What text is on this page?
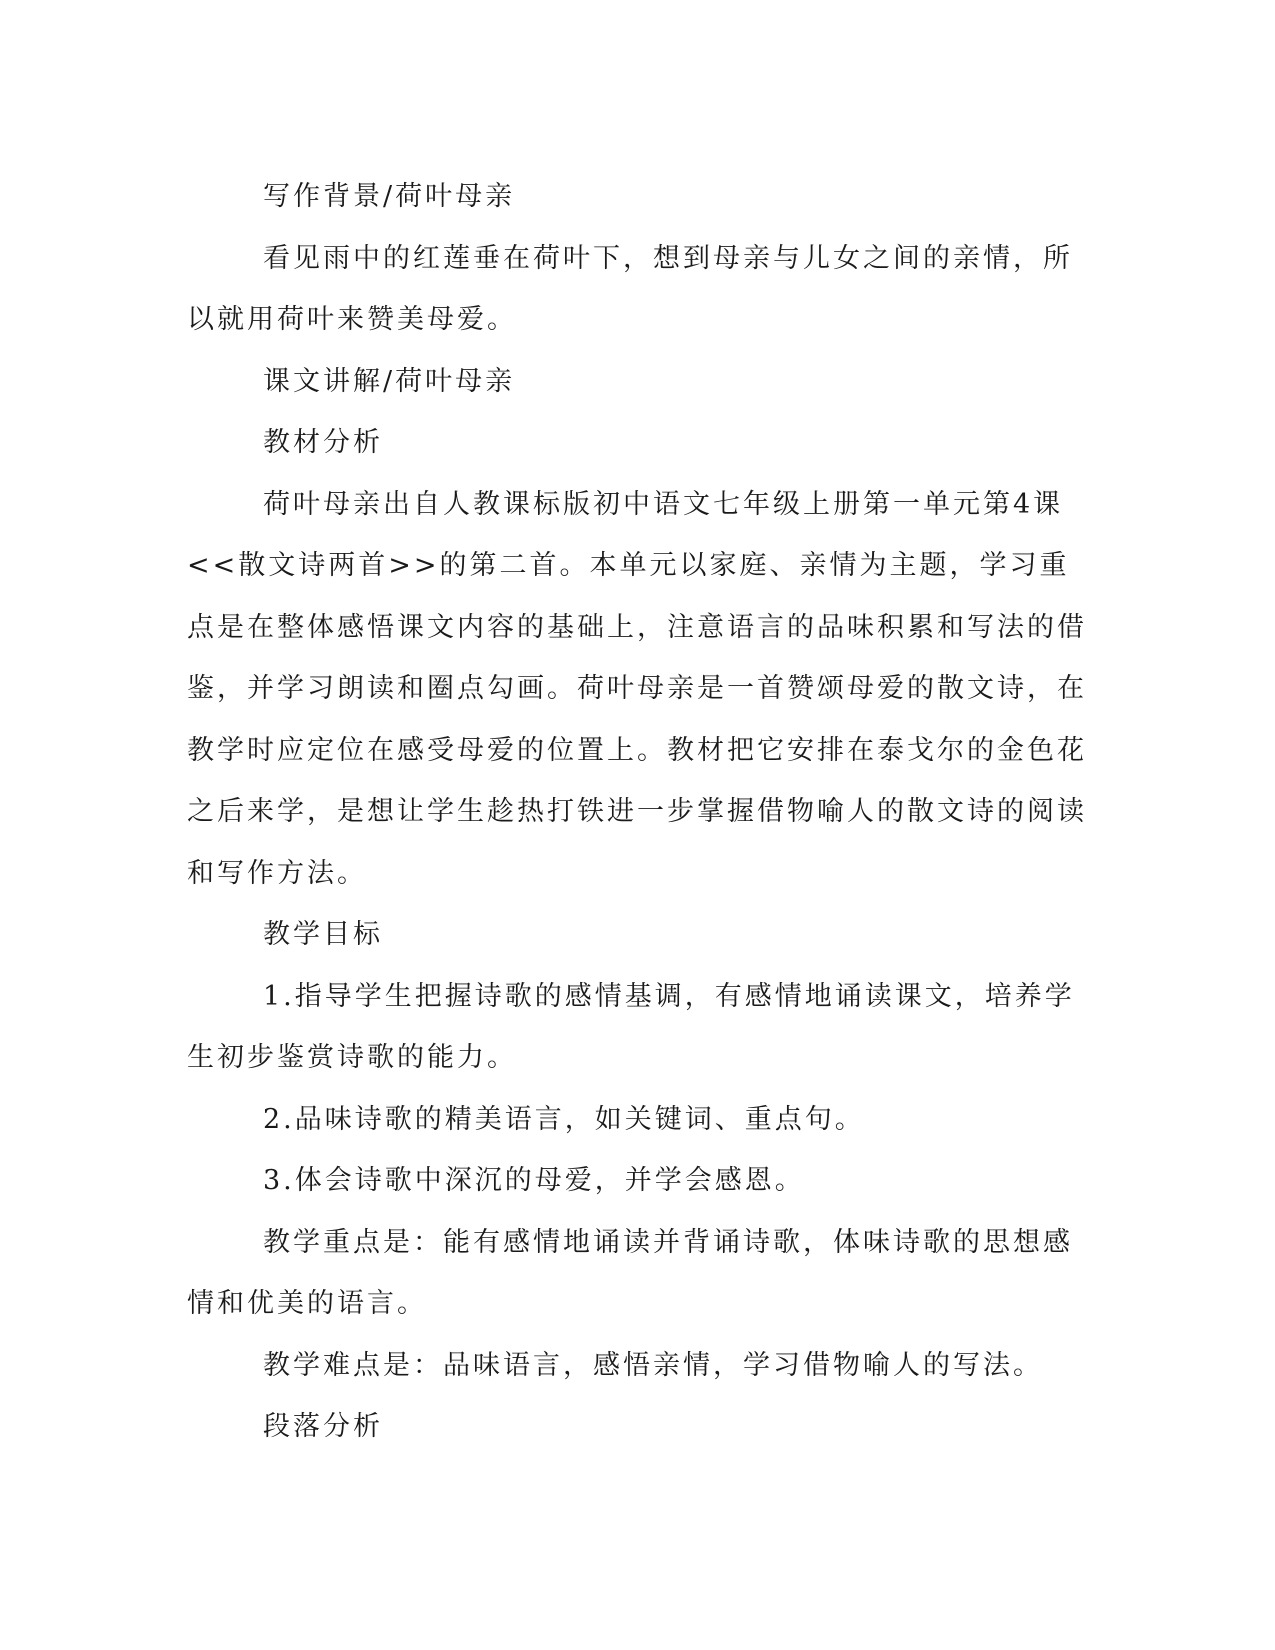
写作背景/荷叶母亲

看见雨中的红莲垂在荷叶下，想到母亲与儿女之间的亲情，所以就用荷叶来赞美母爱。

课文讲解/荷叶母亲

教材分析

荷叶母亲出自人教课标版初中语文七年级上册第一单元第4课<<散文诗两首>>的第二首。本单元以家庭、亲情为主题，学习重点是在整体感悟课文内容的基础上，注意语言的品味积累和写法的借鉴，并学习朗读和圈点勾画。荷叶母亲是一首赞颂母爱的散文诗，在教学时应定位在感受母爱的位置上。教材把它安排在泰戈尔的金色花之后来学，是想让学生趁热打铁进一步掌握借物喻人的散文诗的阅读和写作方法。

教学目标

1.指导学生把握诗歌的感情基调，有感情地诵读课文，培养学生初步鉴赏诗歌的能力。

2.品味诗歌的精美语言，如关键词、重点句。

3.体会诗歌中深沉的母爱，并学会感恩。

教学重点是：能有感情地诵读并背诵诗歌，体味诗歌的思想感情和优美的语言。

教学难点是：品味语言，感悟亲情，学习借物喻人的写法。

段落分析
